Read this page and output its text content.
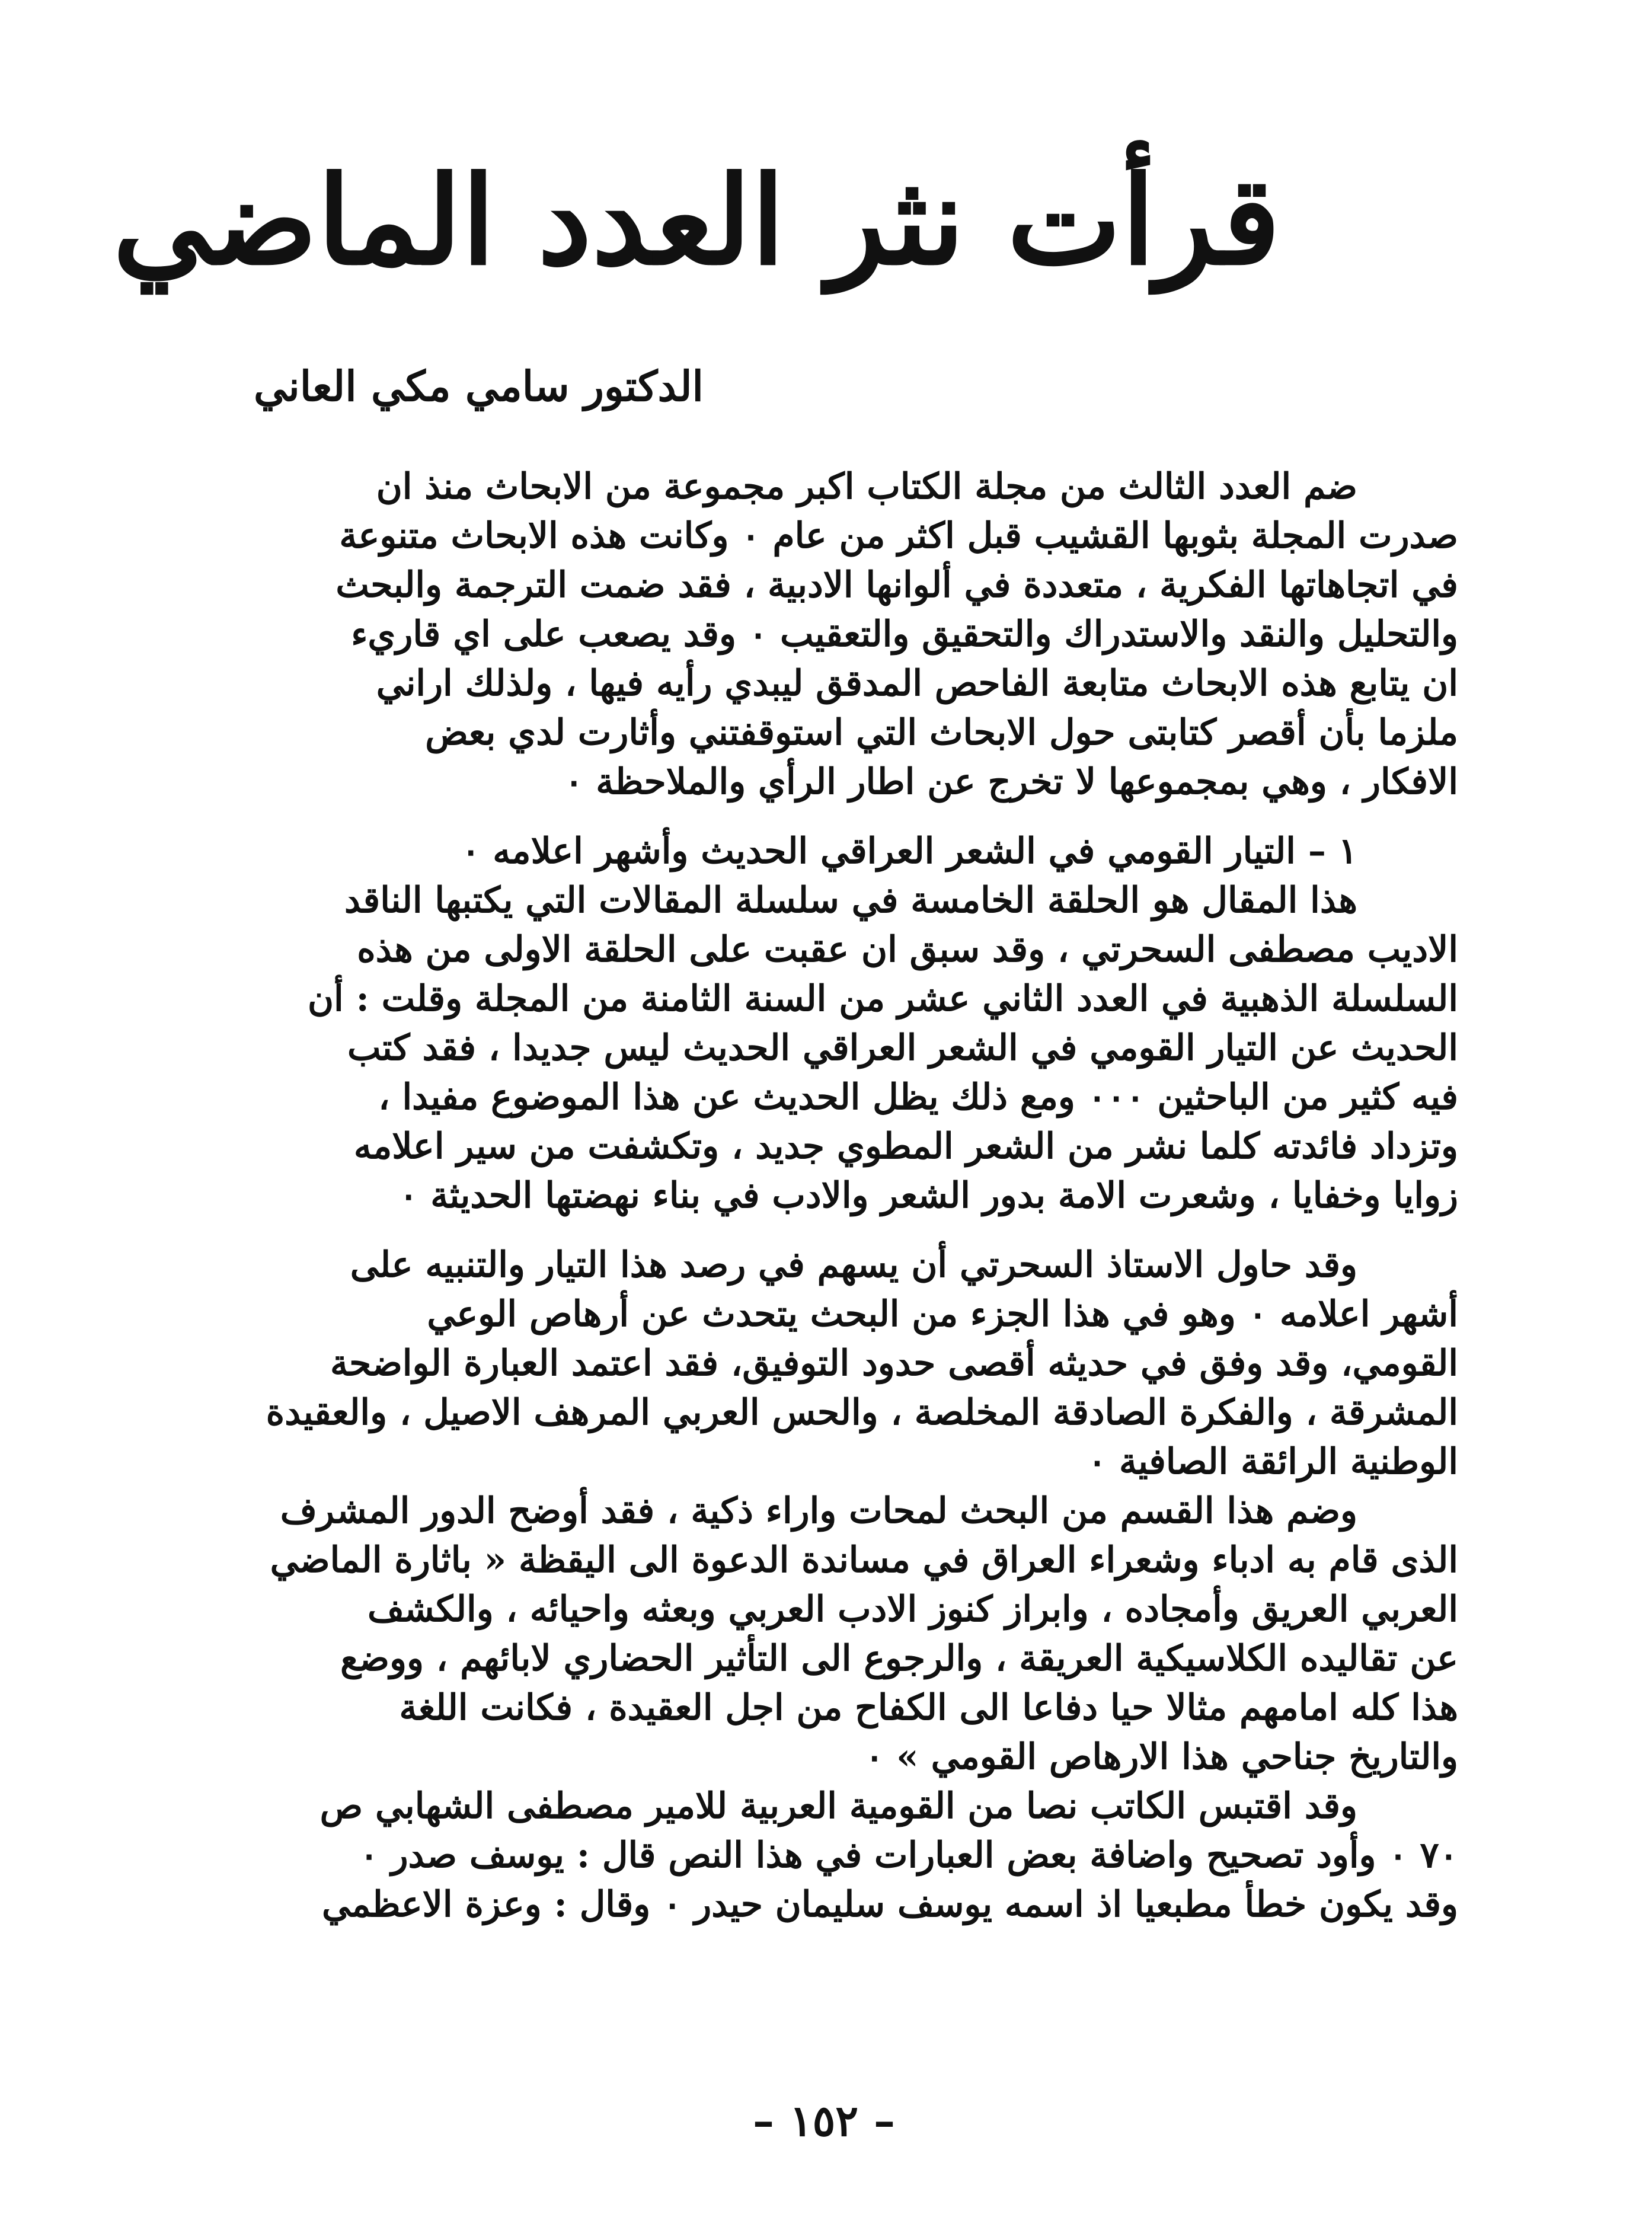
قرأت نثر العدد الماضي
الدكتور سامي مكي العاني
ضم العدد الثالث من مجلة الكتاب اكبر مجموعة من الابحاث منذ ان
صدرت المجلة بثوبها القشيب قبل اكثر من عام ٠ وكانت هذه الابحاث متنوعة
في اتجاهاتها الفكرية ، متعددة في ألوانها الادبية ، فقد ضمت الترجمة والبحث
والتحليل والنقد والاستدراك والتحقيق والتعقيب ٠ وقد يصعب على اي قاريء
ان يتابع هذه الابحاث متابعة الفاحص المدقق ليبدي رأيه فيها ، ولذلك اراني
ملزما بأن أقصر كتابتى حول الابحاث التي استوقفتني وأثارت لدي بعض
الافكار ، وهي بمجموعها لا تخرج عن اطار الرأي والملاحظة ٠
١ – التيار القومي في الشعر العراقي الحديث وأشهر اعلامه ٠
هذا المقال هو الحلقة الخامسة في سلسلة المقالات التي يكتبها الناقد
الاديب مصطفى السحرتي ، وقد سبق ان عقبت على الحلقة الاولى من هذه
السلسلة الذهبية في العدد الثاني عشر من السنة الثامنة من المجلة وقلت : أن
الحديث عن التيار القومي في الشعر العراقي الحديث ليس جديدا ، فقد كتب
فيه كثير من الباحثين ٠٠٠ ومع ذلك يظل الحديث عن هذا الموضوع مفيدا ،
وتزداد فائدته كلما نشر من الشعر المطوي جديد ، وتكشفت من سير اعلامه
زوايا وخفايا ، وشعرت الامة بدور الشعر والادب في بناء نهضتها الحديثة ٠
وقد حاول الاستاذ السحرتي أن يسهم في رصد هذا التيار والتنبيه على
أشهر اعلامه ٠ وهو في هذا الجزء من البحث يتحدث عن أرهاص الوعي
القومي، وقد وفق في حديثه أقصى حدود التوفيق، فقد اعتمد العبارة الواضحة
المشرقة ، والفكرة الصادقة المخلصة ، والحس العربي المرهف الاصيل ، والعقيدة
الوطنية الرائقة الصافية ٠
وضم هذا القسم من البحث لمحات واراء ذكية ، فقد أوضح الدور المشرف
الذى قام به ادباء وشعراء العراق في مساندة الدعوة الى اليقظة « باثارة الماضي
العربي العريق وأمجاده ، وابراز كنوز الادب العربي وبعثه واحيائه ، والكشف
عن تقاليده الكلاسيكية العريقة ، والرجوع الى التأثير الحضاري لابائهم ، ووضع
هذا كله امامهم مثالا حيا دفاعا الى الكفاح من اجل العقيدة ، فكانت اللغة
والتاريخ جناحي هذا الارهاص القومي » ٠
وقد اقتبس الكاتب نصا من القومية العربية للامير مصطفى الشهابي ص
٧٠ ٠ وأود تصحيح واضافة بعض العبارات في هذا النص قال : يوسف صدر ٠
وقد يكون خطأ مطبعيا اذ اسمه يوسف سليمان حيدر ٠ وقال : وعزة الاعظمي
–١٥٢–
